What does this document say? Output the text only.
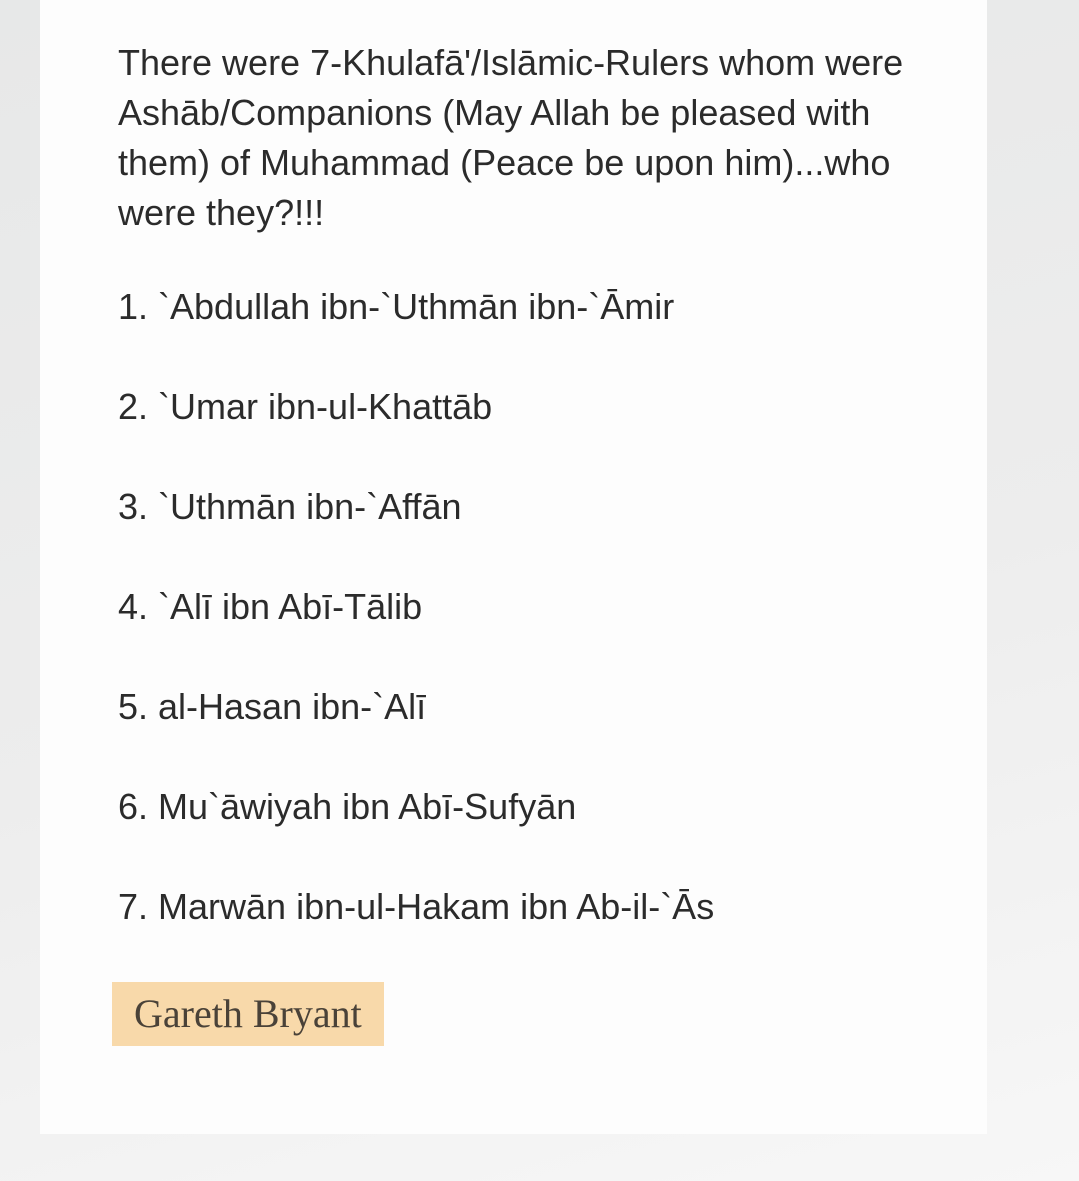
There were 7-Khulafā'/Islāmic-Rulers whom were
Ashāb/Companions (May Allah be pleased with
them) of Muhammad (Peace be upon him)...who
were they?!!!
1. `Abdullah ibn-`Uthmān ibn-`Āmir
2. `Umar ibn-ul-Khattāb
3. `Uthmān ibn-`Affān
4. `Alī ibn Abī-Tālib
5. al-Hasan ibn-`Alī
6. Mu`āwiyah ibn Abī-Sufyān
7. Marwān ibn-ul-Hakam ibn Ab-il-`Ās
Gareth Bryant
